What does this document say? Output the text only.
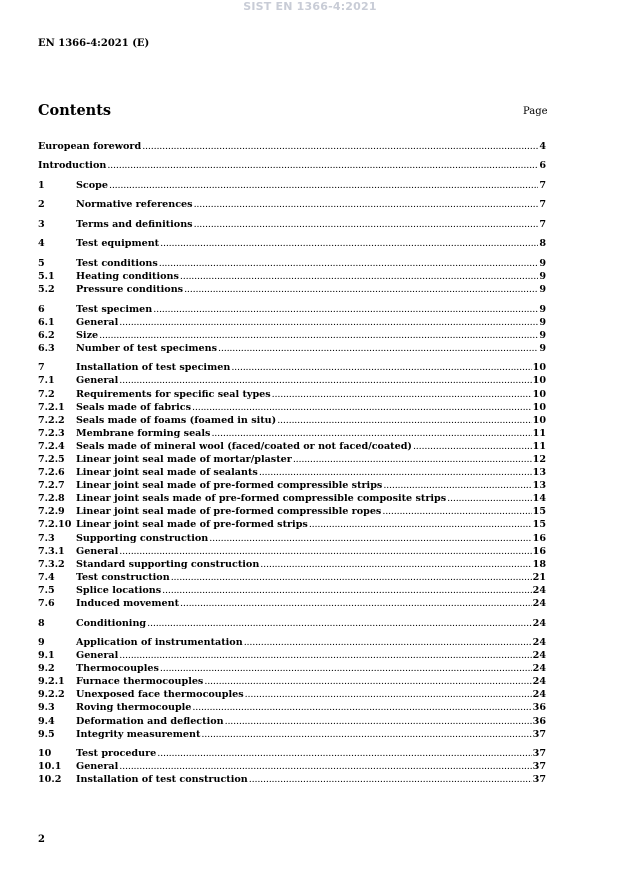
SIST EN 1366-4:2021
EN 1366-4:2021 (E)
Contents	Page
European foreword .....	4
Introduction .....	6
1	Scope .....	7
2	Normative references .....	7
3	Terms and definitions .....	7
4	Test equipment .....	8
5	Test conditions .....	9
5.1	Heating conditions .....	9
5.2	Pressure conditions .....	9
6	Test specimen .....	9
6.1	General .....	9
6.2	Size .....	9
6.3	Number of test specimens .....	9
7	Installation of test specimen .....	10
7.1	General .....	10
7.2	Requirements for specific seal types .....	10
7.2.1	Seals made of fabrics .....	10
7.2.2	Seals made of foams (foamed in situ) .....	10
7.2.3	Membrane forming seals .....	11
7.2.4	Seals made of mineral wool (faced/coated or not faced/coated) .....	11
7.2.5	Linear joint seal made of mortar/plaster .....	12
7.2.6	Linear joint seal made of sealants .....	13
7.2.7	Linear joint seal made of pre-formed compressible strips .....	13
7.2.8	Linear joint seals made of pre-formed compressible composite strips .....	14
7.2.9	Linear joint seal made of pre-formed compressible ropes .....	15
7.2.10 Linear joint seal made of pre-formed strips .....	15
7.3	Supporting construction .....	16
7.3.1	General .....	16
7.3.2	Standard supporting construction .....	18
7.4	Test construction .....	21
7.5	Splice locations .....	24
7.6	Induced movement .....	24
8	Conditioning .....	24
9	Application of instrumentation .....	24
9.1	General .....	24
9.2	Thermocouples .....	24
9.2.1	Furnace thermocouples .....	24
9.2.2	Unexposed face thermocouples .....	24
9.3	Roving thermocouple .....	36
9.4	Deformation and deflection .....	36
9.5	Integrity measurement .....	37
10	Test procedure .....	37
10.1	General .....	37
10.2	Installation of test construction .....	37
2
